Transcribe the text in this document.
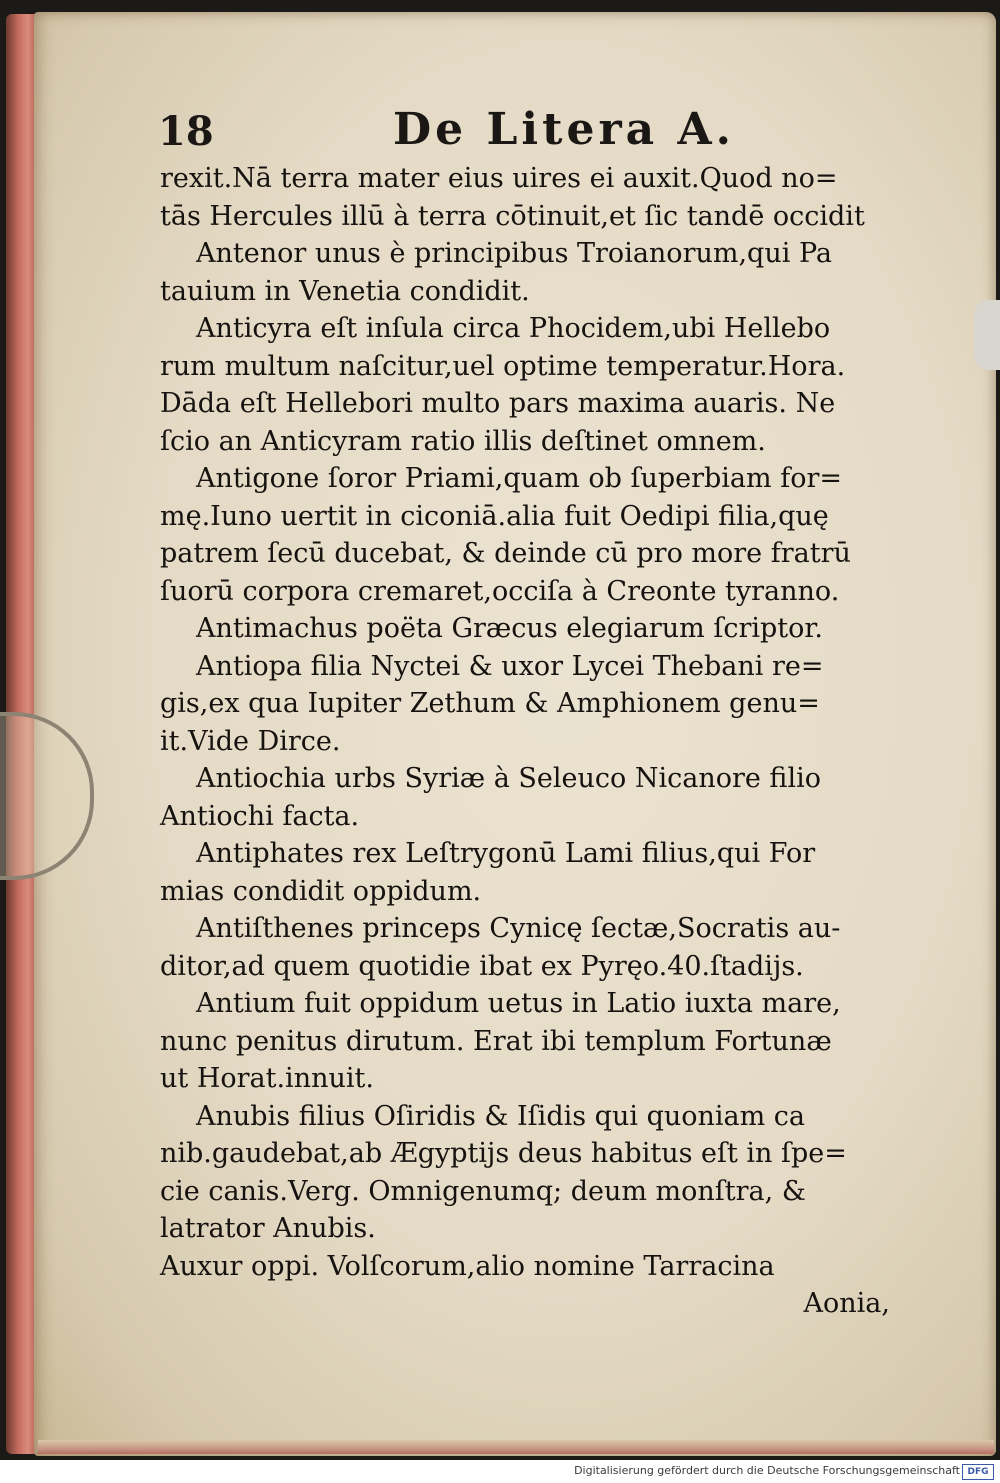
18	De Litera A.
rexit.Nā terra mater eius uires ei auxit.Quod no=
tās Hercules illū à terra cōtinuit,et ſic tandē occidit
Antenor unus è principibus Troianorum,qui Pa
tauium in Venetia condidit.
Anticyra eſt inſula circa Phocidem,ubi Hellebo
rum multum naſcitur,uel optime temperatur.Hora.
Dāda eſt Hellebori multo pars maxima auaris. Ne
ſcio an Anticyram ratio illis deſtinet omnem.
Antigone ſoror Priami,quam ob ſuperbiam for=
mę.Iuno uertit in ciconiā.alia fuit Oedipi filia,quę
patrem ſecū ducebat, & deinde cū pro more fratrū
ſuorū corpora cremaret,occiſa à Creonte tyranno.
Antimachus poëta Græcus elegiarum ſcriptor.
Antiopa filia Nyctei & uxor Lycei Thebani re=
gis,ex qua Iupiter Zethum & Amphionem genu=
it.Vide Dirce.
Antiochia urbs Syriæ à Seleuco Nicanore filio
Antiochi facta.
Antiphates rex Leſtrygonū Lami filius,qui For
mias condidit oppidum.
Antiſthenes princeps Cynicę ſectæ,Socratis au-
ditor,ad quem quotidie ibat ex Pyręo.40.ſtadijs.
Antium fuit oppidum uetus in Latio iuxta mare,
nunc penitus dirutum. Erat ibi templum Fortunæ
ut Horat.innuit.
Anubis filius Oſiridis & Iſidis qui quoniam ca
nib.gaudebat,ab Ægyptijs deus habitus eſt in ſpe=
cie canis.Verg. Omnigenumq; deum monſtra, &
latrator Anubis.
Auxur oppi. Volſcorum,alio nomine Tarracina
Aonia,
Digitalisierung gefördert durch die Deutsche Forschungsgemeinschaft DFG
